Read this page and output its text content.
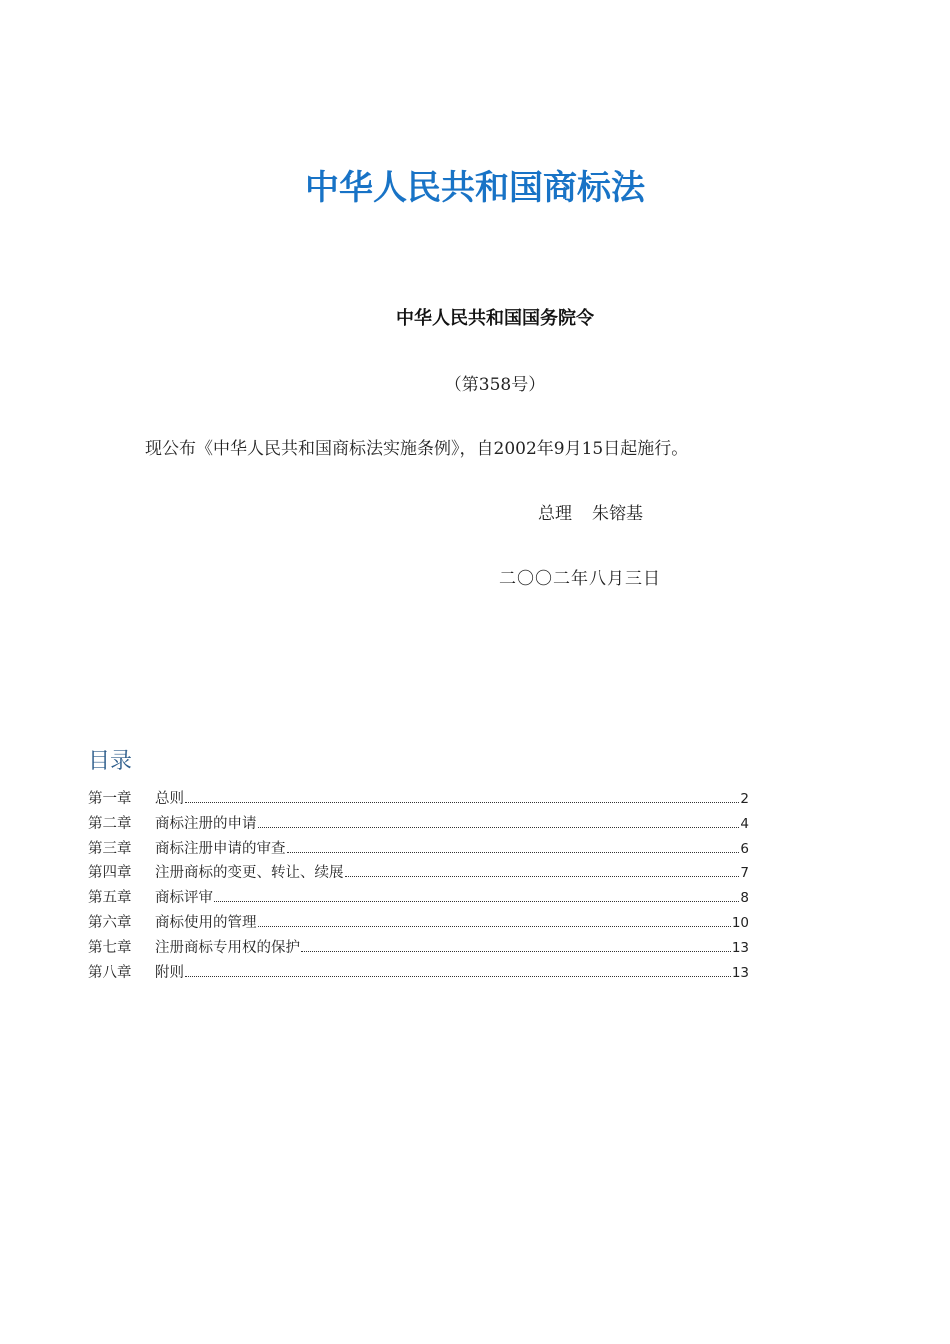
中华人民共和国商标法
中华人民共和国国务院令
（第358号）
现公布《中华人民共和国商标法实施条例》，自2002年9月15日起施行。
总理 朱镕基
二〇〇二年八月三日
目录
第一章	总则	2
第二章	商标注册的申请	4
第三章	商标注册申请的审查	6
第四章	注册商标的变更、转让、续展	7
第五章	商标评审	8
第六章	商标使用的管理	10
第七章	注册商标专用权的保护	13
第八章	附则	13
